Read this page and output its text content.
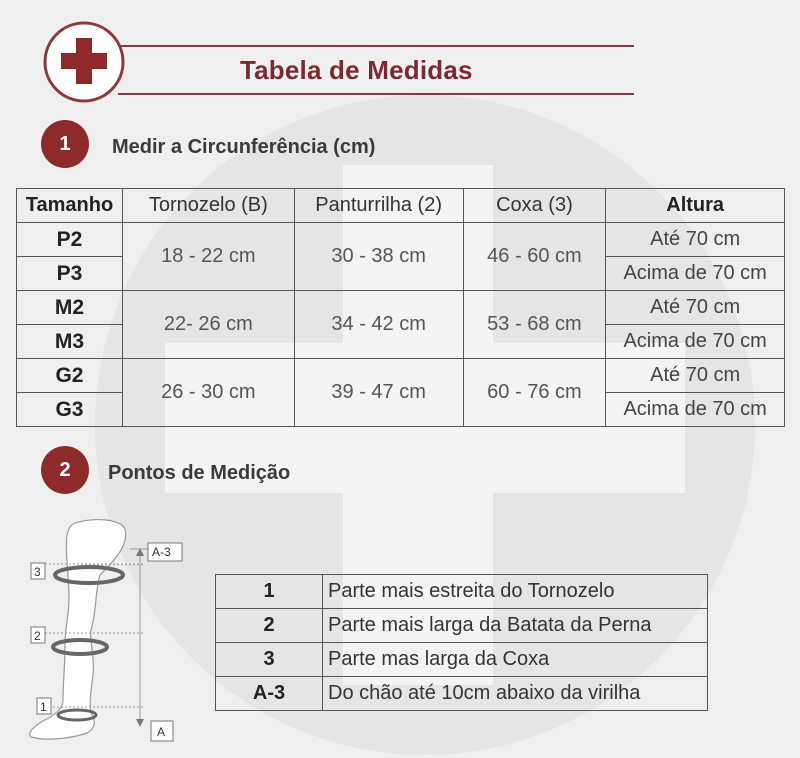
Tabela de Medidas
1	Medir a Circunferência (cm)
Tamanho	Tornozelo (B)	Panturrilha (2)	Coxa (3)	Altura
P2	18 - 22 cm	30 - 38 cm	46 - 60 cm	Até 70 cm
P3				Acima de 70 cm
M2	22- 26 cm	34 - 42 cm	53 - 68 cm	Até 70 cm
M3				Acima de 70 cm
G2	26 - 30 cm	39 - 47 cm	60 - 76 cm	Até 70 cm
G3				Acima de 70 cm
2	Pontos de Medição
3
2
1
A-3
A
1	Parte mais estreita do Tornozelo
2	Parte mais larga da Batata da Perna
3	Parte mas larga da Coxa
A-3	Do chão até 10cm abaixo da virilha
